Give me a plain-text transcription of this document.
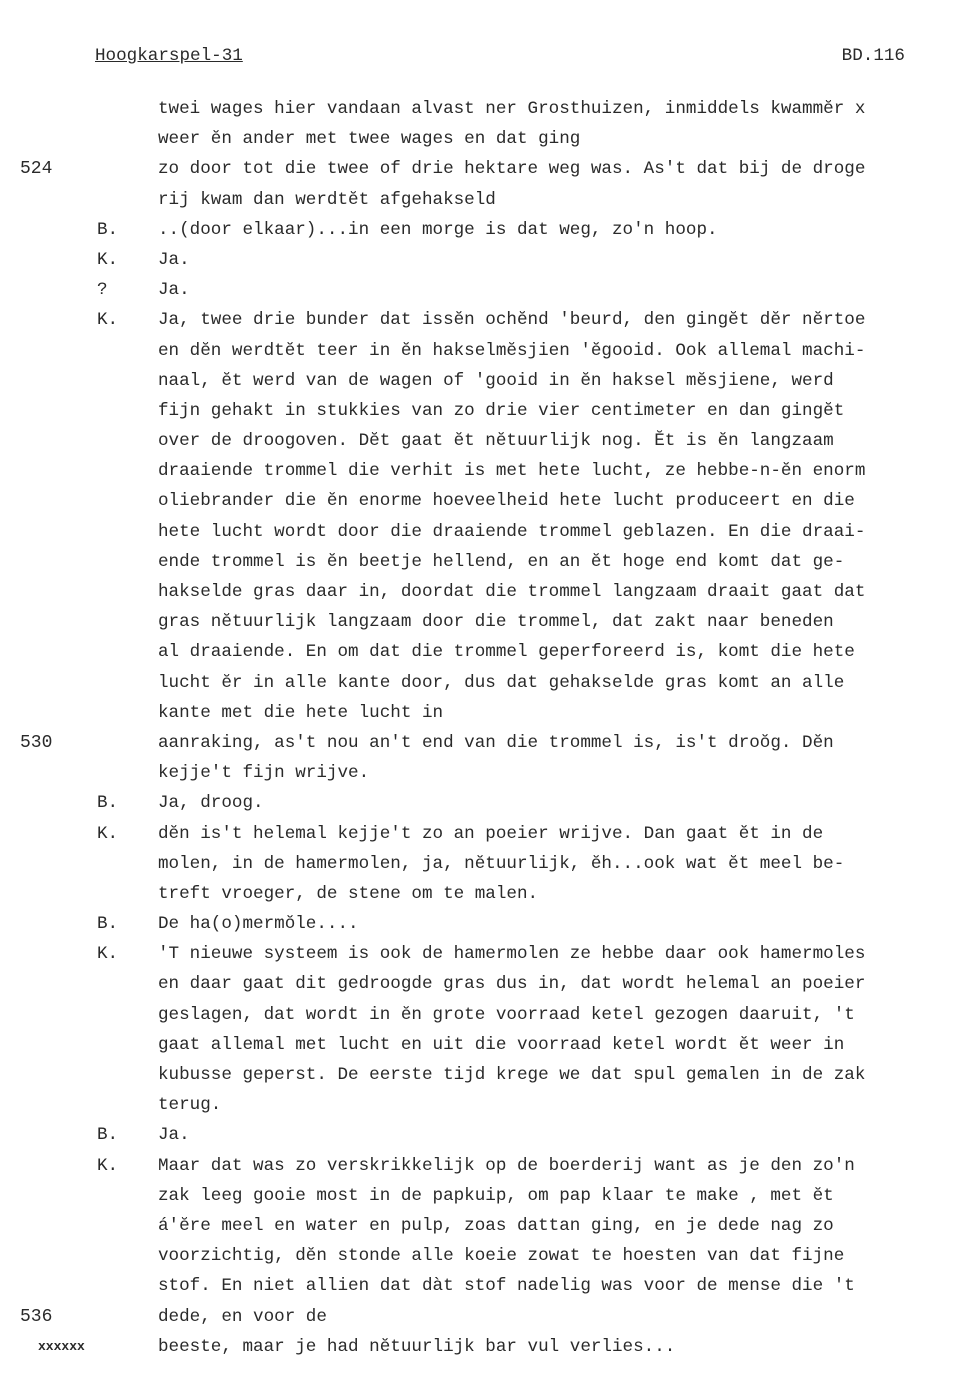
Hoogkarspel-31	BD.116
twei wages hier vandaan alvast ner Grosthuizen, inmiddels kwammĕr x
weer ĕn ander met twee wages en dat ging
524	zo door tot die twee of drie hektare weg was. As't dat bij de droge
rij kwam dan werdtĕt afgehakseld
B. ..(door elkaar)...in een morge is dat weg, zo'n hoop.
K. Ja.
?	Ja.
K. Ja, twee drie bunder dat issĕn ochĕnd 'beurd, den gingĕt dĕr nĕrtoe
en dĕn werdtĕt teer in ĕn hakselmĕsjien 'ĕgooid. Ook allemal machi-
naal, ĕt werd van de wagen of 'gooid in ĕn haksel mĕsjiene, werd
fijn gehakt in stukkies van zo drie vier centimeter en dan gingĕt
over de droogoven. Dĕt gaat ĕt nĕtuurlijk nog. Ĕt is ĕn langzaam
draaiende trommel die verhit is met hete lucht, ze hebbe-n-ĕn enorm
oliebrander die ĕn enorme hoeveelheid hete lucht produceert en die
hete lucht wordt door die draaiende trommel geblazen. En die draai-
ende trommel is ĕn beetje hellend, en an ĕt hoge end komt dat ge-
hakselde gras daar in, doordat die trommel langzaam draait gaat dat
gras nĕtuurlijk langzaam door die trommel, dat zakt naar beneden
al draaiende. En om dat die trommel geperforeerd is, komt die hete
lucht ĕr in alle kante door, dus dat gehakselde gras komt an alle
kante met die hete lucht in
530	aanraking, as't nou an't end van die trommel is, is't droŏg. Dĕn
kejje't fijn wrijve.
B. Ja, droog.
K. dĕn is't helemal kejje't zo an poeier wrijve. Dan gaat ĕt in de
molen, in de hamermolen, ja, nĕtuurlijk, ĕh...ook wat ĕt meel be-
treft vroeger, de stene om te malen.
B. De ha(o)mermŏle....
K. 'T nieuwe systeem is ook de hamermolen ze hebbe daar ook hamermoles
en daar gaat dit gedroogde gras dus in, dat wordt helemal an poeier
geslagen, dat wordt in ĕn grote voorraad ketel gezogen daaruit, 't
gaat allemal met lucht en uit die voorraad ketel wordt ĕt weer in
kubusse geperst. De eerste tijd krege we dat spul gemalen in de zak
terug.
B. Ja.
K. Maar dat was zo verskrikkelijk op de boerderij want as je den zo'n
zak leeg gooie most in de papkuip, om pap klaar te make , met ĕt
á'ĕre meel en water en pulp, zoas dattan ging, en je dede nag zo
voorzichtig, dĕn stonde alle koeie zowat te hoesten van dat fijne
stof. En niet allien dat dàt stof nadelig was voor de mense die 't
536	dede, en voor de
xxxxxx	beeste, maar je had nĕtuurlijk bar vul verlies...
